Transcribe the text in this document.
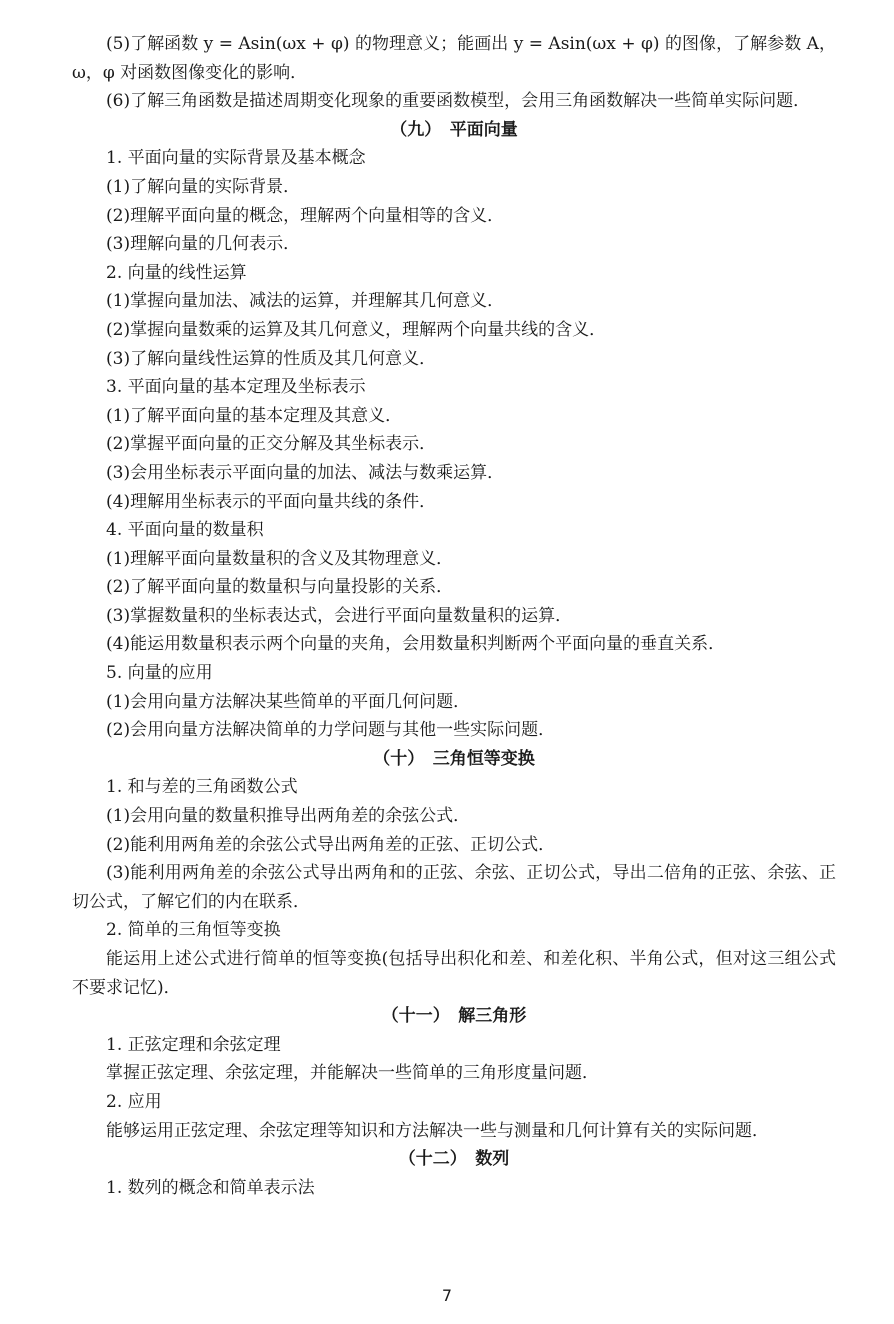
(5)了解函数 y = Asin(ωx + φ) 的物理意义；能画出 y = Asin(ωx + φ) 的图像，了解参数 A，ω，φ 对函数图像变化的影响．
(6)了解三角函数是描述周期变化现象的重要函数模型，会用三角函数解决一些简单实际问题．
（九）　平面向量
1. 平面向量的实际背景及基本概念
(1)了解向量的实际背景．
(2)理解平面向量的概念，理解两个向量相等的含义．
(3)理解向量的几何表示．
2. 向量的线性运算
(1)掌握向量加法、减法的运算，并理解其几何意义．
(2)掌握向量数乘的运算及其几何意义，理解两个向量共线的含义．
(3)了解向量线性运算的性质及其几何意义．
3. 平面向量的基本定理及坐标表示
(1)了解平面向量的基本定理及其意义．
(2)掌握平面向量的正交分解及其坐标表示．
(3)会用坐标表示平面向量的加法、减法与数乘运算．
(4)理解用坐标表示的平面向量共线的条件．
4. 平面向量的数量积
(1)理解平面向量数量积的含义及其物理意义．
(2)了解平面向量的数量积与向量投影的关系．
(3)掌握数量积的坐标表达式，会进行平面向量数量积的运算．
(4)能运用数量积表示两个向量的夹角，会用数量积判断两个平面向量的垂直关系．
5. 向量的应用
(1)会用向量方法解决某些简单的平面几何问题．
(2)会用向量方法解决简单的力学问题与其他一些实际问题．
（十）　三角恒等变换
1. 和与差的三角函数公式
(1)会用向量的数量积推导出两角差的余弦公式．
(2)能利用两角差的余弦公式导出两角差的正弦、正切公式．
(3)能利用两角差的余弦公式导出两角和的正弦、余弦、正切公式，导出二倍角的正弦、余弦、正切公式，了解它们的内在联系．
2. 简单的三角恒等变换
能运用上述公式进行简单的恒等变换(包括导出积化和差、和差化积、半角公式，但对这三组公式不要求记忆)．
（十一）　解三角形
1. 正弦定理和余弦定理
掌握正弦定理、余弦定理，并能解决一些简单的三角形度量问题．
2. 应用
能够运用正弦定理、余弦定理等知识和方法解决一些与测量和几何计算有关的实际问题．
（十二）　数列
1. 数列的概念和简单表示法
7
